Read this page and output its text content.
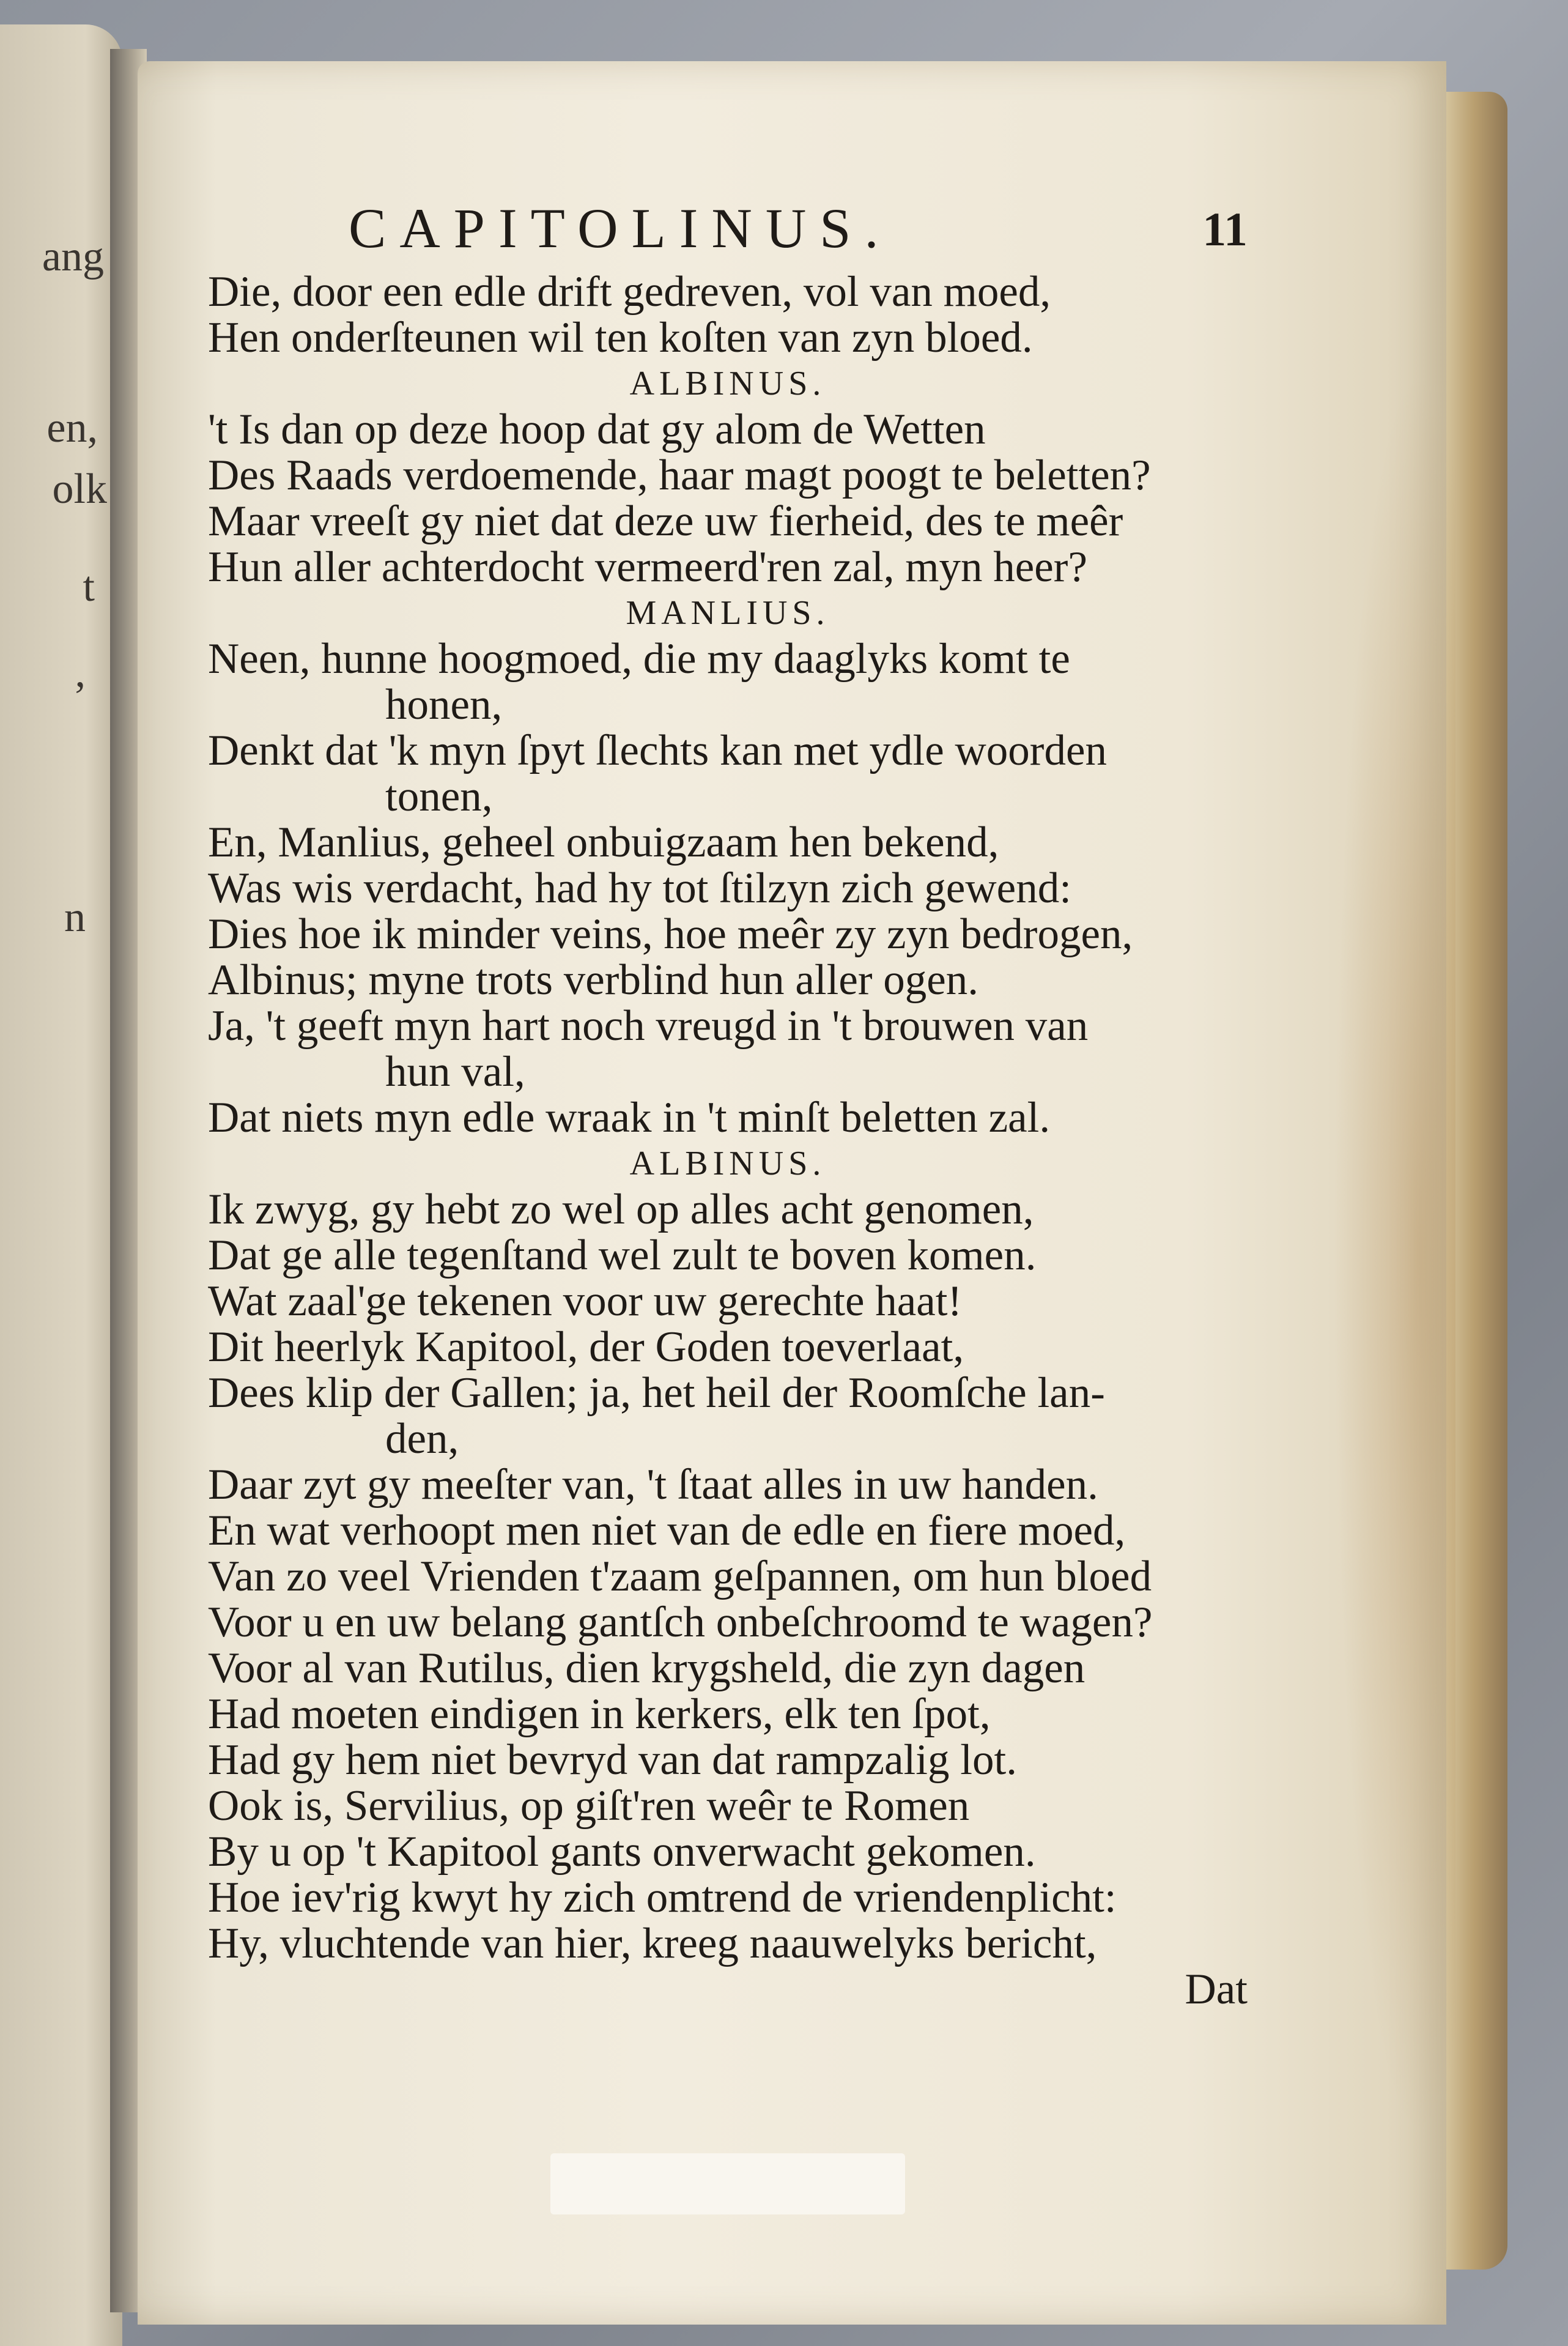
ang
en,
olk
t
,
n
CAPITOLINUS.	11
Die, door een edle drift gedreven, vol van moed,
Hen onderſteunen wil ten koſten van zyn bloed.
ALBINUS.
't Is dan op deze hoop dat gy alom de Wetten
Des Raads verdoemende, haar magt poogt te beletten?
Maar vreeſt gy niet dat deze uw fierheid, des te meêr
Hun aller achterdocht vermeerd'ren zal, myn heer?
MANLIUS.
Neen, hunne hoogmoed, die my daaglyks komt te
honen,
Denkt dat 'k myn ſpyt ſlechts kan met ydle woorden
tonen,
En, Manlius, geheel onbuigzaam hen bekend,
Was wis verdacht, had hy tot ſtilzyn zich gewend:
Dies hoe ik minder veins, hoe meêr zy zyn bedrogen,
Albinus; myne trots verblind hun aller ogen.
Ja, 't geeft myn hart noch vreugd in 't brouwen van
hun val,
Dat niets myn edle wraak in 't minſt beletten zal.
ALBINUS.
Ik zwyg, gy hebt zo wel op alles acht genomen,
Dat ge alle tegenſtand wel zult te boven komen.
Wat zaal'ge tekenen voor uw gerechte haat!
Dit heerlyk Kapitool, der Goden toeverlaat,
Dees klip der Gallen; ja, het heil der Roomſche lan-
den,
Daar zyt gy meeſter van, 't ſtaat alles in uw handen.
En wat verhoopt men niet van de edle en fiere moed,
Van zo veel Vrienden t'zaam geſpannen, om hun bloed
Voor u en uw belang gantſch onbeſchroomd te wagen?
Voor al van Rutilus, dien krygsheld, die zyn dagen
Had moeten eindigen in kerkers, elk ten ſpot,
Had gy hem niet bevryd van dat rampzalig lot.
Ook is, Servilius, op giſt'ren weêr te Romen
By u op 't Kapitool gants onverwacht gekomen.
Hoe iev'rig kwyt hy zich omtrend de vriendenplicht:
Hy, vluchtende van hier, kreeg naauwelyks bericht,
Dat
